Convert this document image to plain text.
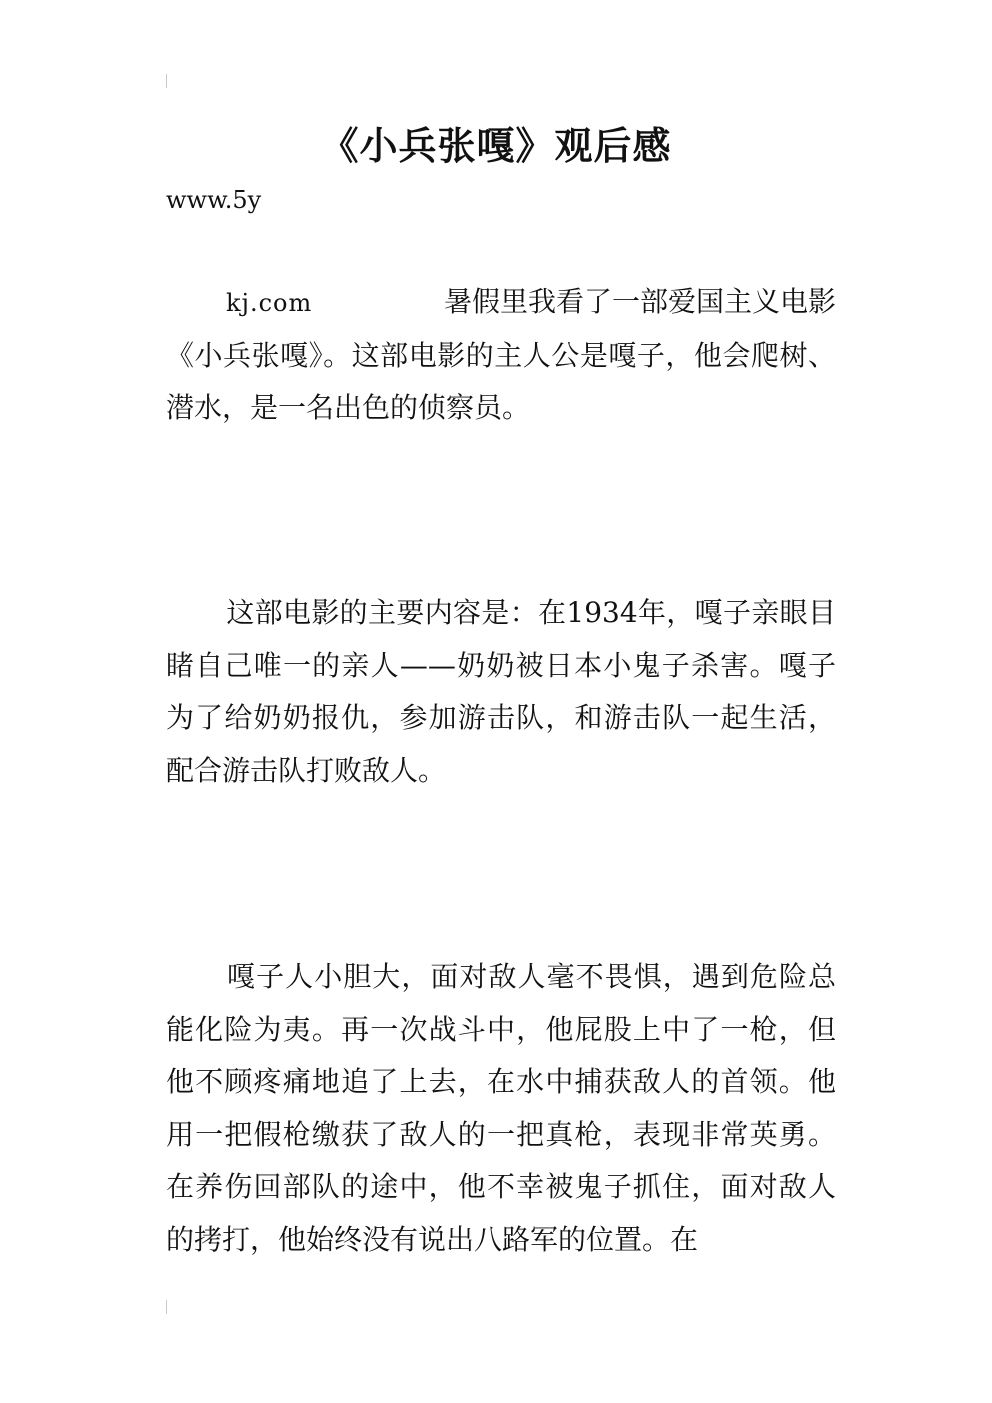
《小兵张嘎》观后感
www.5y
kj.com	暑假里我看了一部爱国主义电影《小兵张嘎》。这部电影的主人公是嘎子，他会爬树、潜水，是一名出色的侦察员。
这部电影的主要内容是：在1934年，嘎子亲眼目睹自己唯一的亲人——奶奶被日本小鬼子杀害。嘎子为了给奶奶报仇，参加游击队，和游击队一起生活，配合游击队打败敌人。
嘎子人小胆大，面对敌人毫不畏惧，遇到危险总能化险为夷。再一次战斗中，他屁股上中了一枪，但他不顾疼痛地追了上去，在水中捕获敌人的首领。他用一把假枪缴获了敌人的一把真枪，表现非常英勇。在养伤回部队的途中，他不幸被鬼子抓住，面对敌人的拷打，他始终没有说出八路军的位置。在
